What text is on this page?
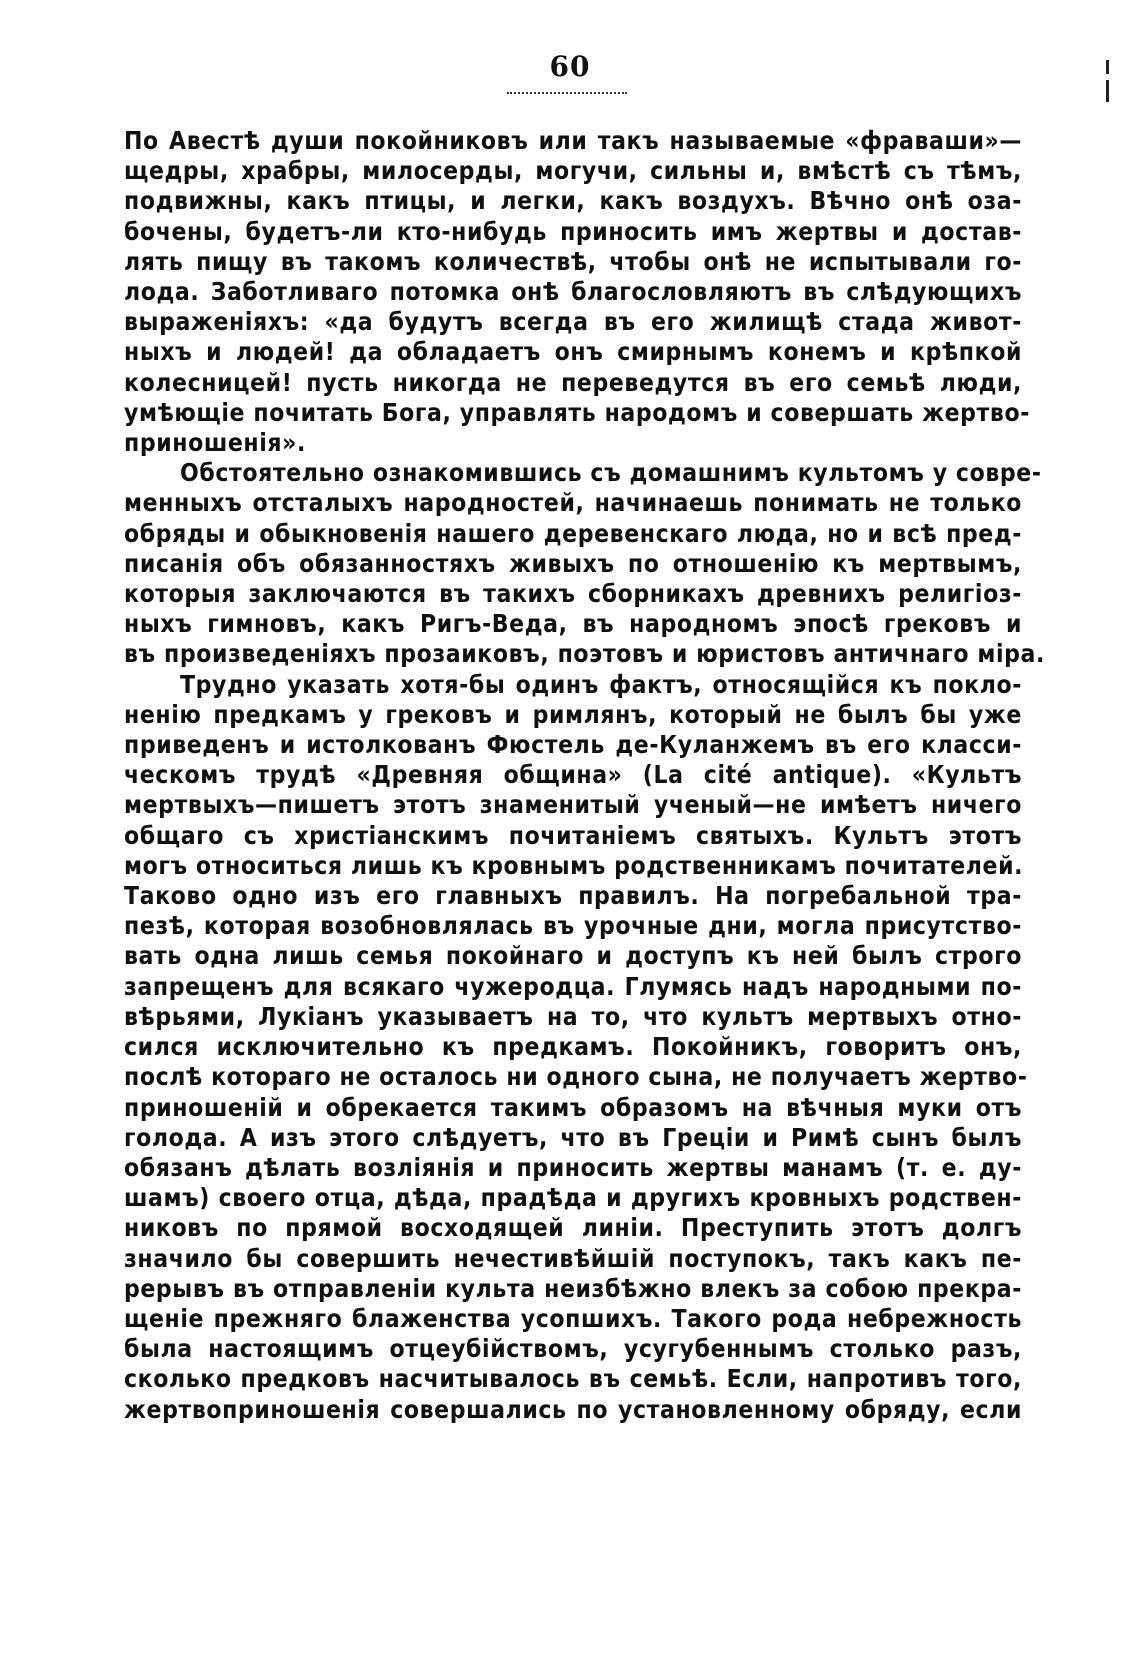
60

По Авестѣ души покойниковъ или такъ называемые «фраваши»—
щедры, храбры, милосерды, могучи, сильны и, вмѣстѣ съ тѣмъ,
подвижны, какъ птицы, и легки, какъ воздухъ. Вѣчно онѣ оза-
бочены, будетъ-ли кто-нибудь приносить имъ жертвы и достав-
лять пищу въ такомъ количествѣ, чтобы онѣ не испытывали го-
лода. Заботливаго потомка онѣ благословляютъ въ слѣдующихъ
выраженіяхъ: «да будутъ всегда въ его жилищѣ стада живот-
ныхъ и людей! да обладаетъ онъ смирнымъ конемъ и крѣпкой
колесницей! пусть никогда не переведутся въ его семьѣ люди,
умѣющіе почитать Бога, управлять народомъ и совершать жертво-
приношенія».

Обстоятельно ознакомившись съ домашнимъ культомъ у совре-
менныхъ отсталыхъ народностей, начинаешь понимать не только
обряды и обыкновенія нашего деревенскаго люда, но и всѣ пред-
писанія объ обязанностяхъ живыхъ по отношенію къ мертвымъ,
которыя заключаются въ такихъ сборникахъ древнихъ религіоз-
ныхъ гимновъ, какъ Ригъ-Веда, въ народномъ эпосѣ грековъ и
въ произведеніяхъ прозаиковъ, поэтовъ и юристовъ античнаго міра.

Трудно указать хотя-бы одинъ фактъ, относящійся къ покло-
ненію предкамъ у грековъ и римлянъ, который не былъ бы уже
приведенъ и истолкованъ Фюстель де-Куланжемъ въ его класси-
ческомъ трудѣ «Древняя община» (La cité antique). «Культъ
мертвыхъ—пишетъ этотъ знаменитый ученый—не имѣетъ ничего
общаго съ христіанскимъ почитаніемъ святыхъ. Культъ этотъ
могъ относиться лишь къ кровнымъ родственникамъ почитателей.
Таково одно изъ его главныхъ правилъ. На погребальной тра-
пезѣ, которая возобновлялась въ урочные дни, могла присутство-
вать одна лишь семья покойнаго и доступъ къ ней былъ строго
запрещенъ для всякаго чужеродца. Глумясь надъ народными по-
вѣрьями, Лукіанъ указываетъ на то, что культъ мертвыхъ отно-
сился исключительно къ предкамъ. Покойникъ, говоритъ онъ,
послѣ котораго не осталось ни одного сына, не получаетъ жертво-
приношеній и обрекается такимъ образомъ на вѣчныя муки отъ
голода. А изъ этого слѣдуетъ, что въ Греціи и Римѣ сынъ былъ
обязанъ дѣлать возліянія и приносить жертвы манамъ (т. е. ду-
шамъ) своего отца, дѣда, прадѣда и другихъ кровныхъ родствен-
никовъ по прямой восходящей линіи. Преступить этотъ долгъ
значило бы совершить нечестивѣйшій поступокъ, такъ какъ пе-
рерывъ въ отправленіи культа неизбѣжно влекъ за собою прекра-
щеніе прежняго блаженства усопшихъ. Такого рода небрежность
была настоящимъ отцеубійствомъ, усугубеннымъ столько разъ,
сколько предковъ насчитывалось въ семьѣ. Если, напротивъ того,
жертвоприношенія совершались по установленному обряду, если
